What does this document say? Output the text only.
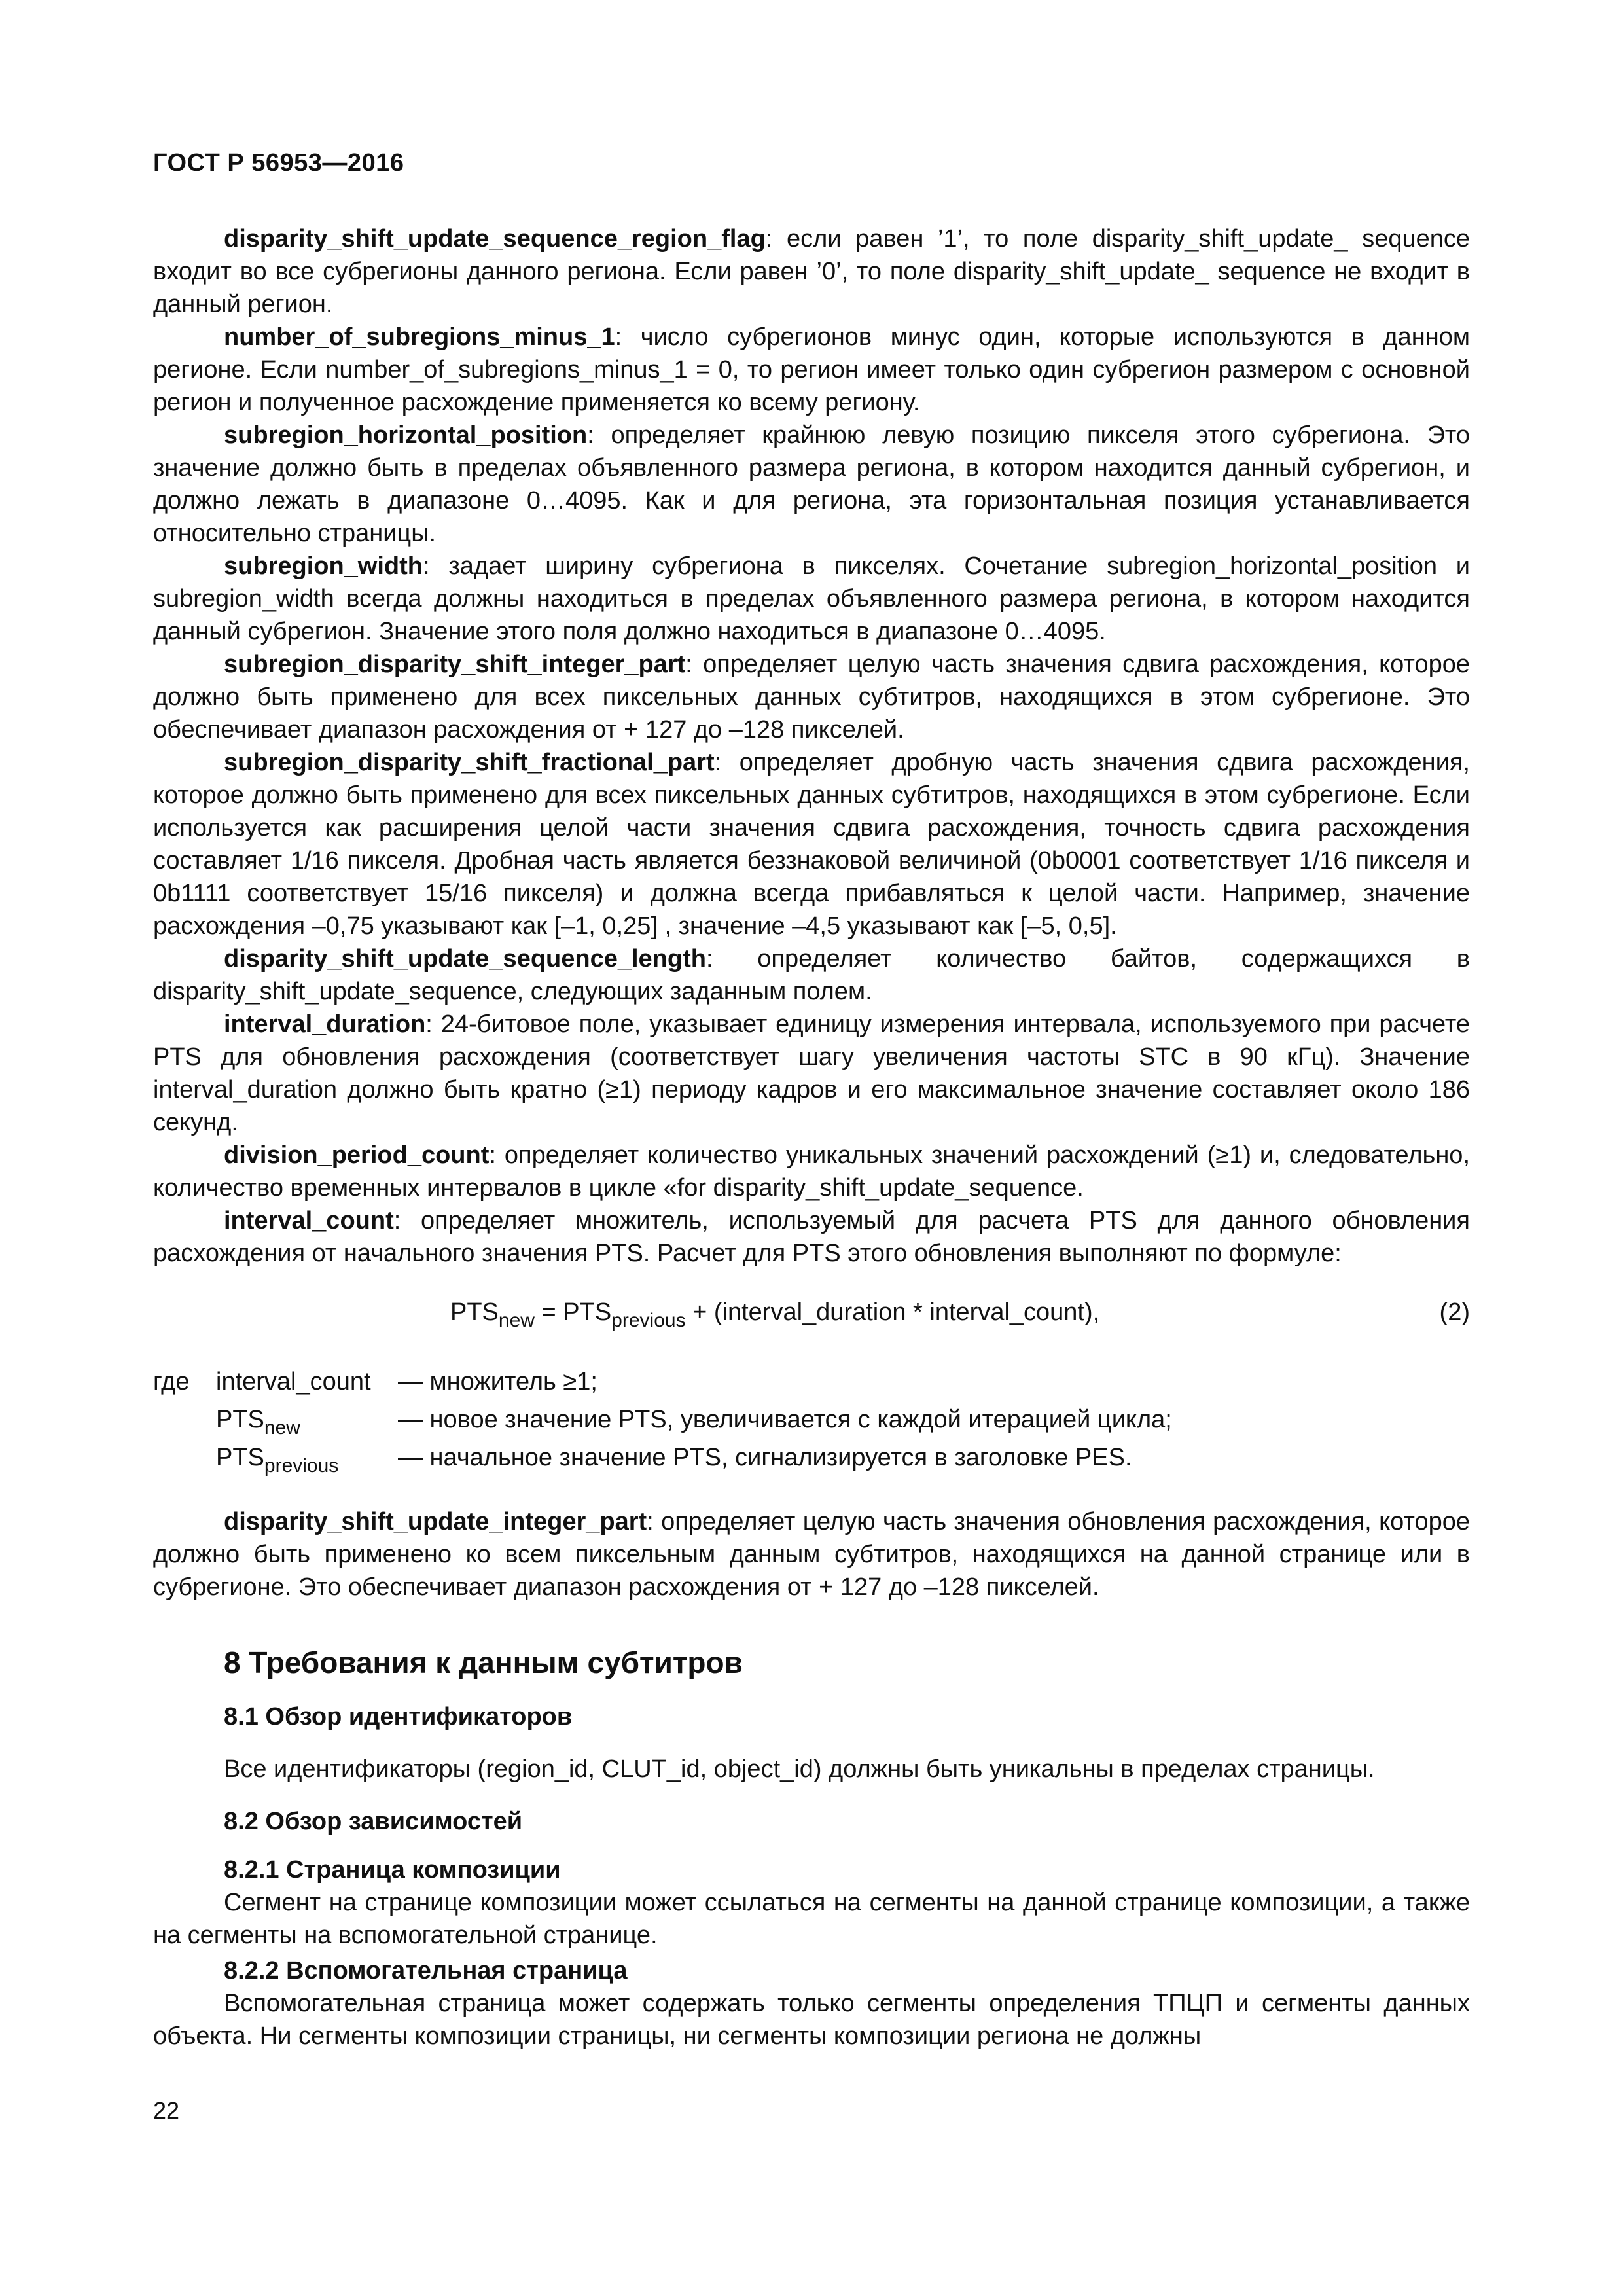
ГОСТ Р 56953—2016

disparity_shift_update_sequence_region_flag: если равен ’1’, то поле disparity_shift_update_ sequence входит во все субрегионы данного региона. Если равен ’0’, то поле disparity_shift_update_ sequence не входит в данный регион.

number_of_subregions_minus_1: число субрегионов минус один, которые используются в данном регионе. Если number_of_subregions_minus_1 = 0, то регион имеет только один субрегион размером с основной регион и полученное расхождение применяется ко всему региону.

subregion_horizontal_position: определяет крайнюю левую позицию пикселя этого субрегиона. Это значение должно быть в пределах объявленного размера региона, в котором находится данный субрегион, и должно лежать в диапазоне 0…4095. Как и для региона, эта горизонтальная позиция устанавливается относительно страницы.

subregion_width: задает ширину субрегиона в пикселях. Сочетание subregion_horizontal_position и subregion_width всегда должны находиться в пределах объявленного размера региона, в котором находится данный субрегион. Значение этого поля должно находиться в диапазоне 0…4095.

subregion_disparity_shift_integer_part: определяет целую часть значения сдвига расхождения, которое должно быть применено для всех пиксельных данных субтитров, находящихся в этом субрегионе. Это обеспечивает диапазон расхождения от + 127 до –128 пикселей.

subregion_disparity_shift_fractional_part: определяет дробную часть значения сдвига расхождения, которое должно быть применено для всех пиксельных данных субтитров, находящихся в этом субрегионе. Если используется как расширения целой части значения сдвига расхождения, точность сдвига расхождения составляет 1/16 пикселя. Дробная часть является беззнаковой величиной (0b0001 соответствует 1/16 пикселя и 0b1111 соответствует 15/16 пикселя) и должна всегда прибавляться к целой части. Например, значение расхождения –0,75 указывают как [–1, 0,25] , значение –4,5 указывают как [–5, 0,5].

disparity_shift_update_sequence_length: определяет количество байтов, содержащихся в disparity_shift_update_sequence, следующих заданным полем.

interval_duration: 24-битовое поле, указывает единицу измерения интервала, используемого при расчете PTS для обновления расхождения (соответствует шагу увеличения частоты STC в 90 кГц). Значение interval_duration должно быть кратно (≥1) периоду кадров и его максимальное значение составляет около 186 секунд.

division_period_count: определяет количество уникальных значений расхождений (≥1) и, следовательно, количество временных интервалов в цикле «for disparity_shift_update_sequence.

interval_count: определяет множитель, используемый для расчета PTS для данного обновления расхождения от начального значения PTS. Расчет для PTS этого обновления выполняют по формуле:

$PTS_{new} = PTS_{previous}$ + (interval_duration * interval_count),	(2)
где	interval_count	— множитель ≥1;
$PTS_{new}$	— новое значение PTS, увеличивается с каждой итерацией цикла;
$PTS_{previous}$	— начальное значение PTS, сигнализируется в заголовке PES.

disparity_shift_update_integer_part: определяет целую часть значения обновления расхождения, которое должно быть применено ко всем пиксельным данным субтитров, находящихся на данной странице или в субрегионе. Это обеспечивает диапазон расхождения от + 127 до –128 пикселей.

8 Требования к данным субтитров
8.1 Обзор идентификаторов

Все идентификаторы (region_id, CLUT_id, object_id) должны быть уникальны в пределах страницы.

8.2 Обзор зависимостей
8.2.1 Страница композиции

Сегмент на странице композиции может ссылаться на сегменты на данной странице композиции, а также на сегменты на вспомогательной странице.

8.2.2 Вспомогательная страница

Вспомогательная страница может содержать только сегменты определения ТПЦП и сегменты данных объекта. Ни сегменты композиции страницы, ни сегменты композиции региона не должны

22
